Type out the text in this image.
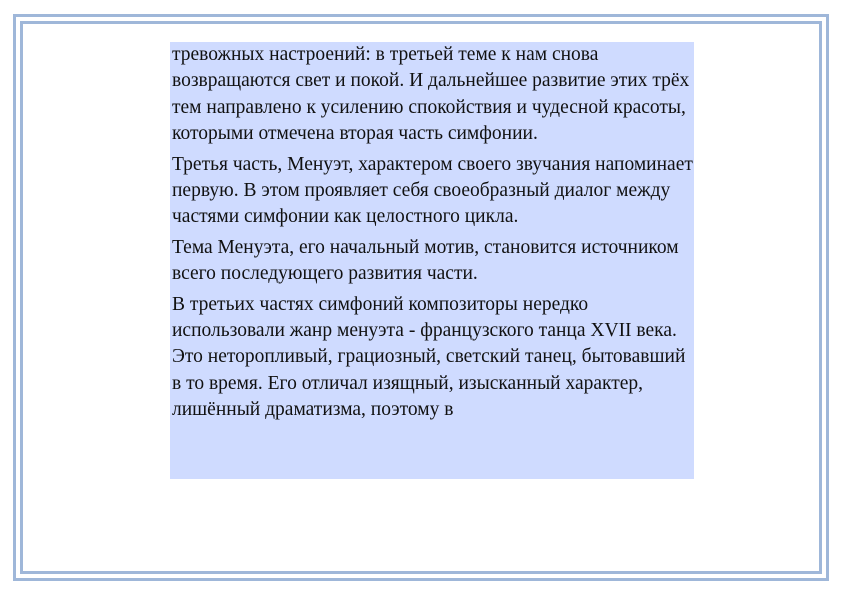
тревожных настроений: в третьей теме к нам снова возвращаются свет и покой. И дальнейшее развитие этих трёх тем направлено к усилению спокойствия и чудесной красоты, которыми отмечена вторая часть симфонии.

Третья часть, Менуэт, характером своего звучания напоминает первую. В этом проявляет себя своеобразный диалог между частями симфонии как целостного цикла.

Тема Менуэта, его начальный мотив, становится источником всего последующего развития части.

В третьих частях симфоний композиторы нередко использовали жанр менуэта - французского танца XVII века. Это неторопливый, грациозный, светский танец, бытовавший в то время. Его отличал изящный, изысканный характер, лишённый драматизма, поэтому в
